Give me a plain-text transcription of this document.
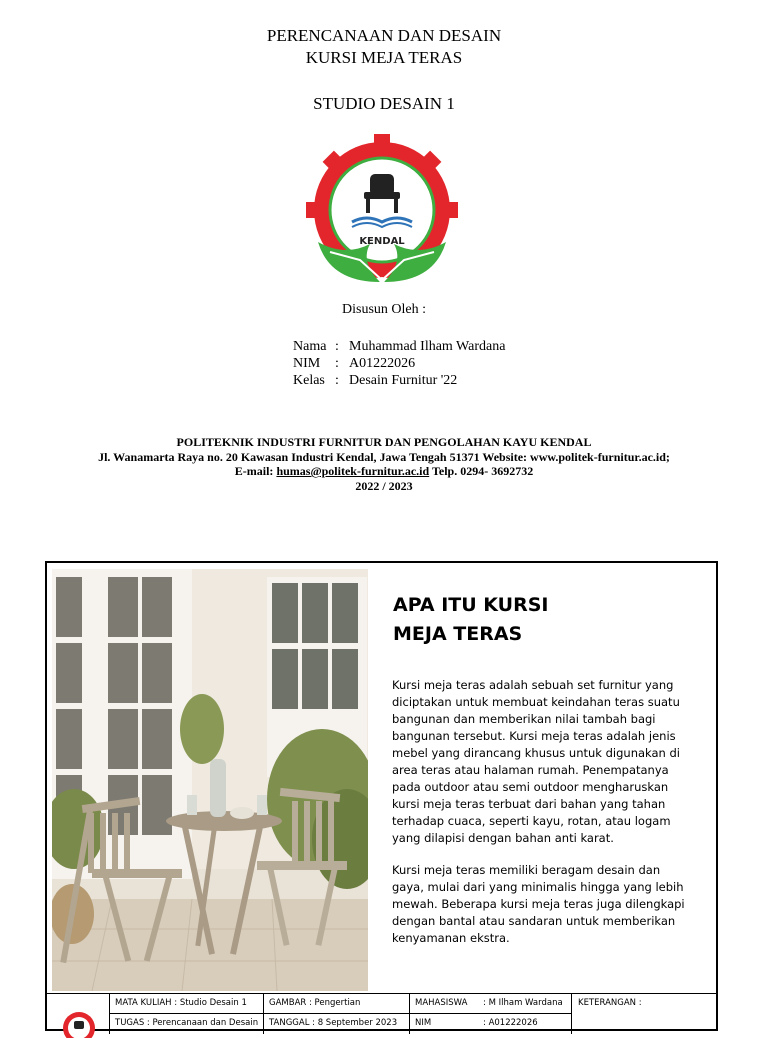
PERENCANAAN DAN DESAIN
KURSI MEJA TERAS
STUDIO DESAIN 1
KENDAL
Disusun Oleh :
Nama : Muhammad Ilham Wardana
NIM : A01222026
Kelas : Desain Furnitur '22
POLITEKNIK INDUSTRI FURNITUR DAN PENGOLAHAN KAYU KENDAL
Jl. Wanamarta Raya no. 20 Kawasan Industri Kendal, Jawa Tengah 51371 Website: www.politek-furnitur.ac.id;
E-mail: humas@politek-furnitur.ac.id Telp. 0294- 3692732
2022 / 2023
APA ITU KURSI
MEJA TERAS
Kursi meja teras adalah sebuah set furnitur yang
diciptakan untuk membuat keindahan teras suatu
bangunan dan memberikan nilai tambah bagi
bangunan tersebut. Kursi meja teras adalah jenis
mebel yang dirancang khusus untuk digunakan di
area teras atau halaman rumah. Penempatanya
pada outdoor atau semi outdoor mengharuskan
kursi meja teras terbuat dari bahan yang tahan
terhadap cuaca, seperti kayu, rotan, atau logam
yang dilapisi dengan bahan anti karat.
Kursi meja teras memiliki beragam desain dan
gaya, mulai dari yang minimalis hingga yang lebih
mewah. Beberapa kursi meja teras juga dilengkapi
dengan bantal atau sandaran untuk memberikan
kenyamanan ekstra.
MATA KULIAH : Studio Desain 1
TUGAS : Perencanaan dan Desain
GAMBAR : Pengertian
TANGGAL : 8 September 2023
MAHASISWA : M Ilham Wardana
NIM	: A01222026
KETERANGAN :
